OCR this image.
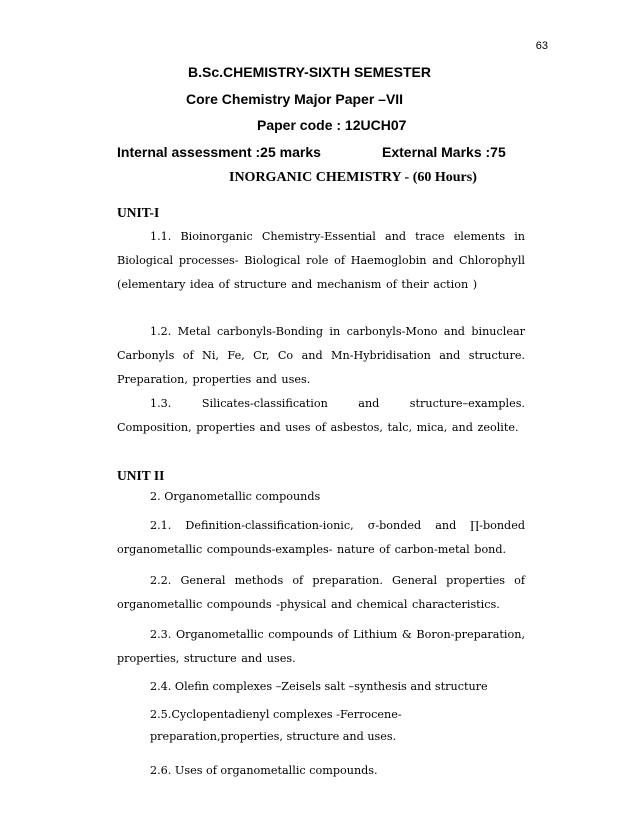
63
B.Sc.CHEMISTRY-SIXTH SEMESTER
Core Chemistry Major Paper –VII
Paper code : 12UCH07
Internal assessment :25 marks	External Marks :75
INORGANIC CHEMISTRY - (60 Hours)
UNIT-I
1.1. Bioinorganic Chemistry-Essential and trace elements in Biological processes- Biological role of Haemoglobin and Chlorophyll (elementary idea of structure and mechanism of their action )
1.2. Metal carbonyls-Bonding in carbonyls-Mono and binuclear Carbonyls of Ni, Fe, Cr, Co and Mn-Hybridisation and structure. Preparation, properties and uses.
1.3. Silicates-classification and structure–examples. Composition, properties and uses of asbestos, talc, mica, and zeolite.
UNIT II
2. Organometallic compounds
2.1. Definition-classification-ionic, σ-bonded and ∏-bonded organometallic compounds-examples- nature of carbon-metal bond.
2.2. General methods of preparation. General properties of organometallic compounds -physical and chemical characteristics.
2.3. Organometallic compounds of Lithium & Boron-preparation, properties, structure and uses.
2.4. Olefin complexes –Zeisels salt –synthesis and structure
2.5.Cyclopentadienyl complexes -Ferrocene-
preparation,properties, structure and uses.
2.6. Uses of organometallic compounds.
